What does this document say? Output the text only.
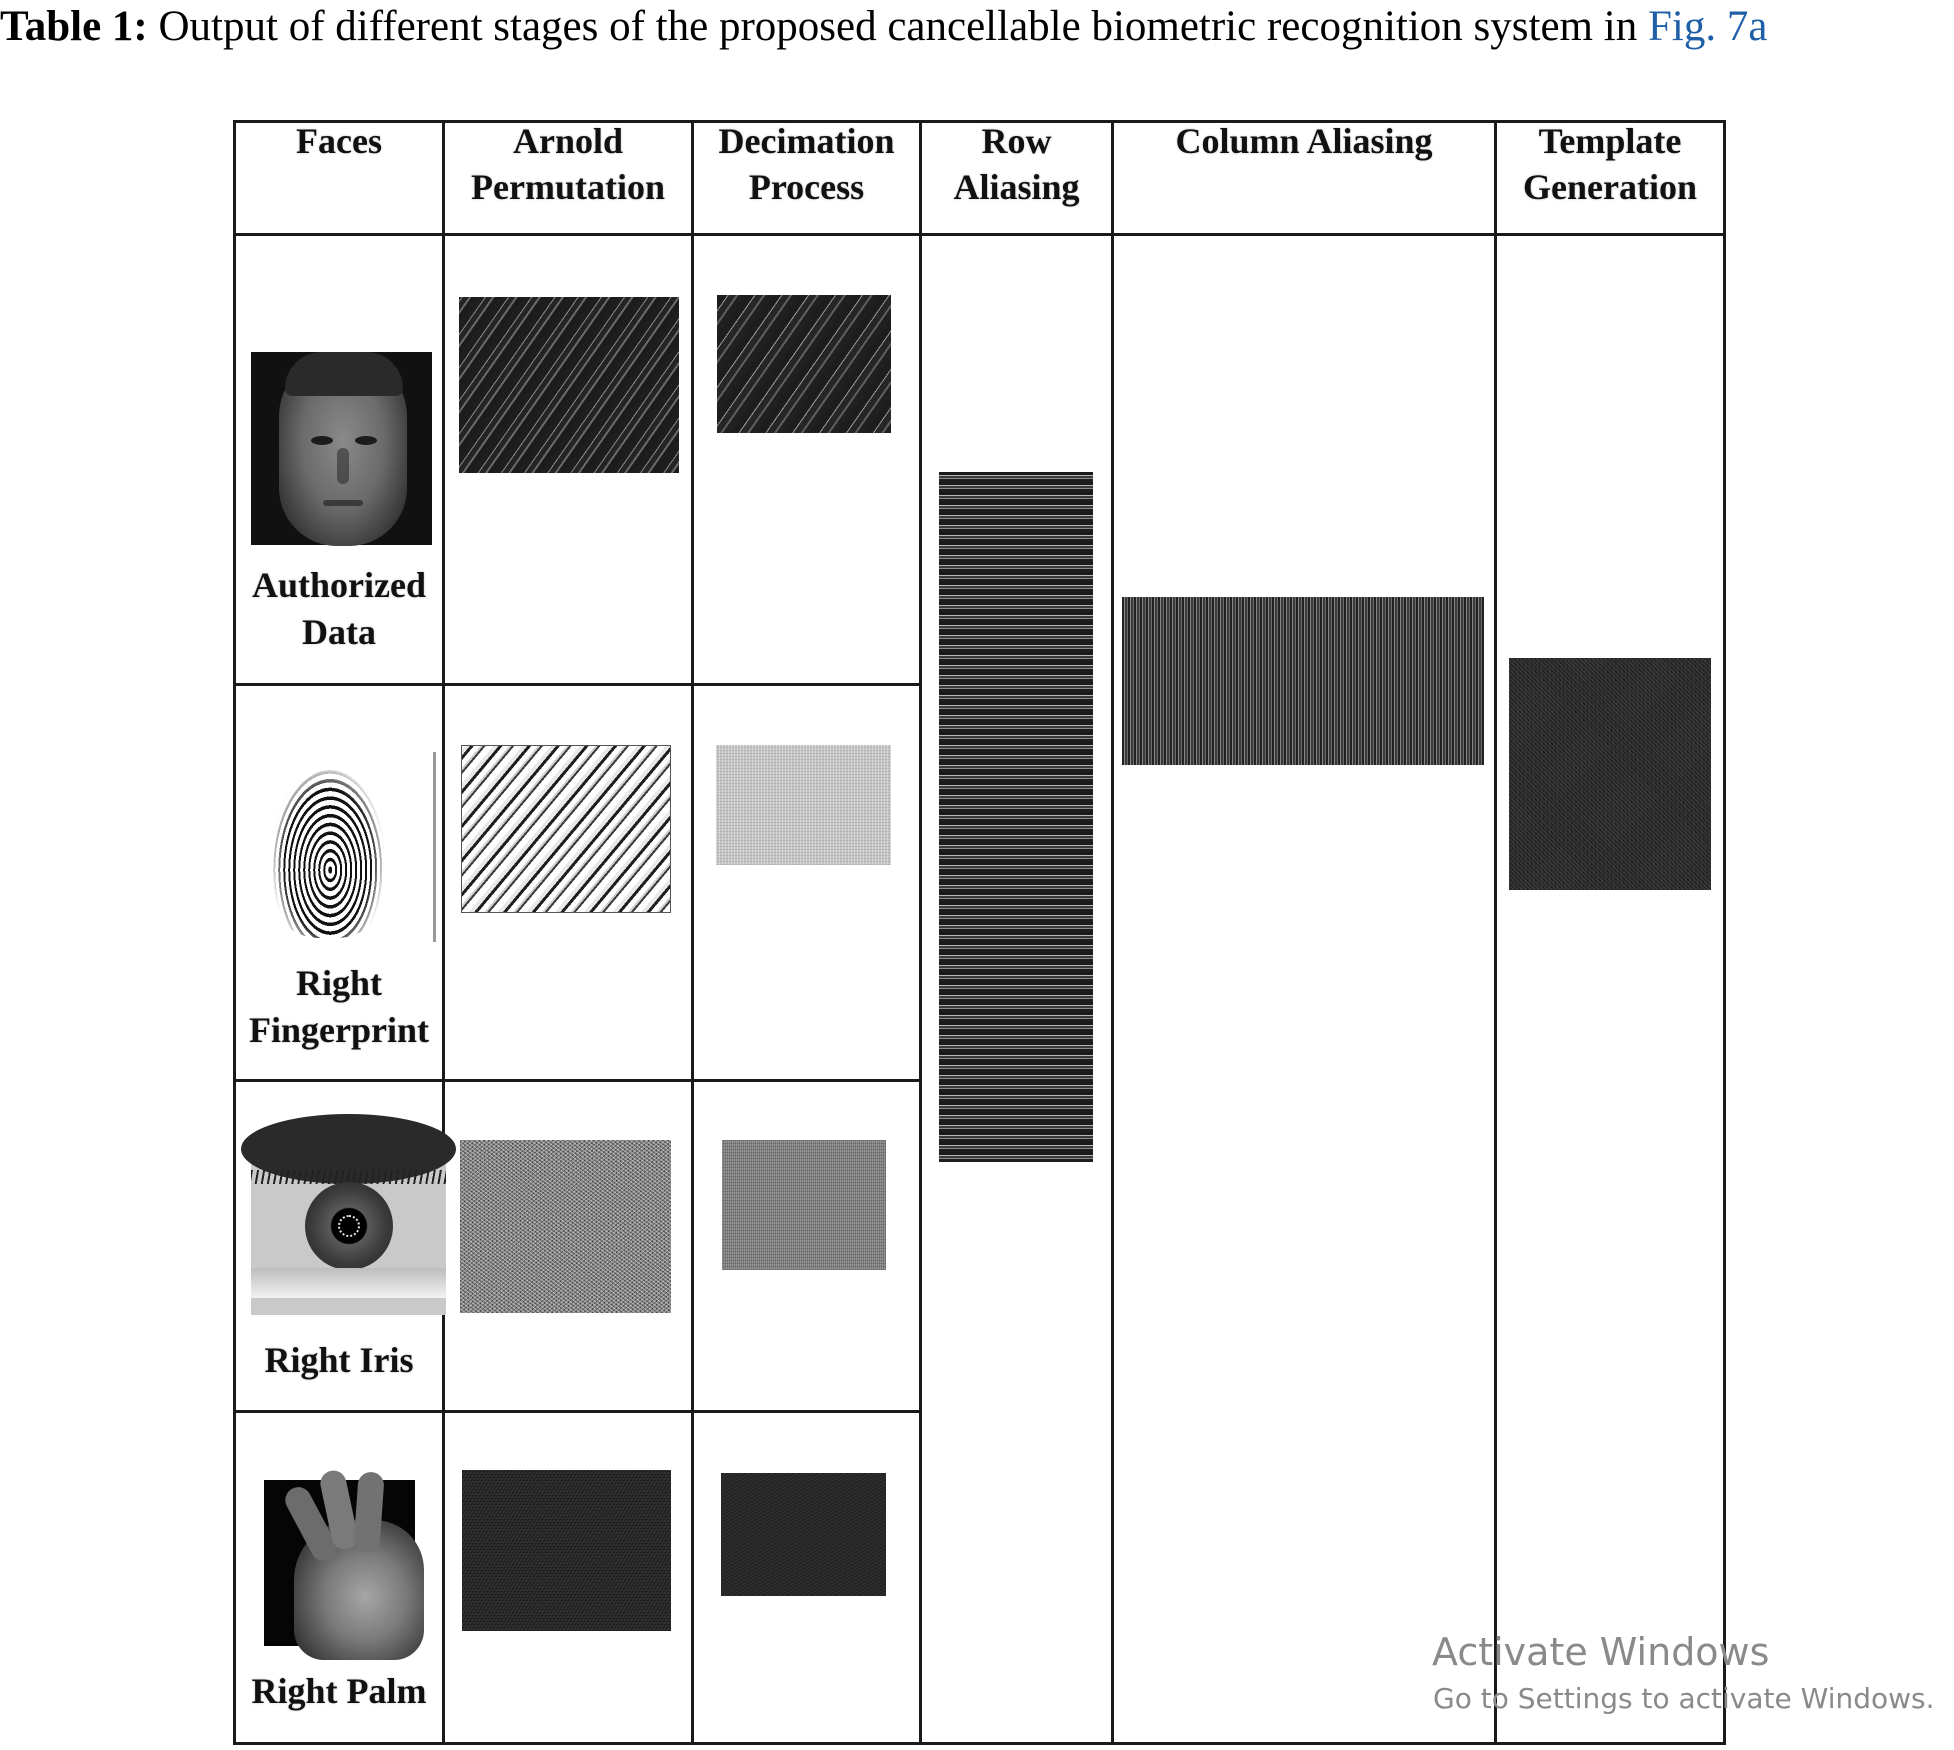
Table 1: Output of different stages of the proposed cancellable biometric recognition system in Fig. 7a
Faces	Arnold
Permutation
Decimation
Process
Row
Aliasing
Column Aliasing	Template
Generation
Authorized
Data
Right
Fingerprint
Right Iris
Right Palm
Activate Windows
Go to Settings to activate Windows.
